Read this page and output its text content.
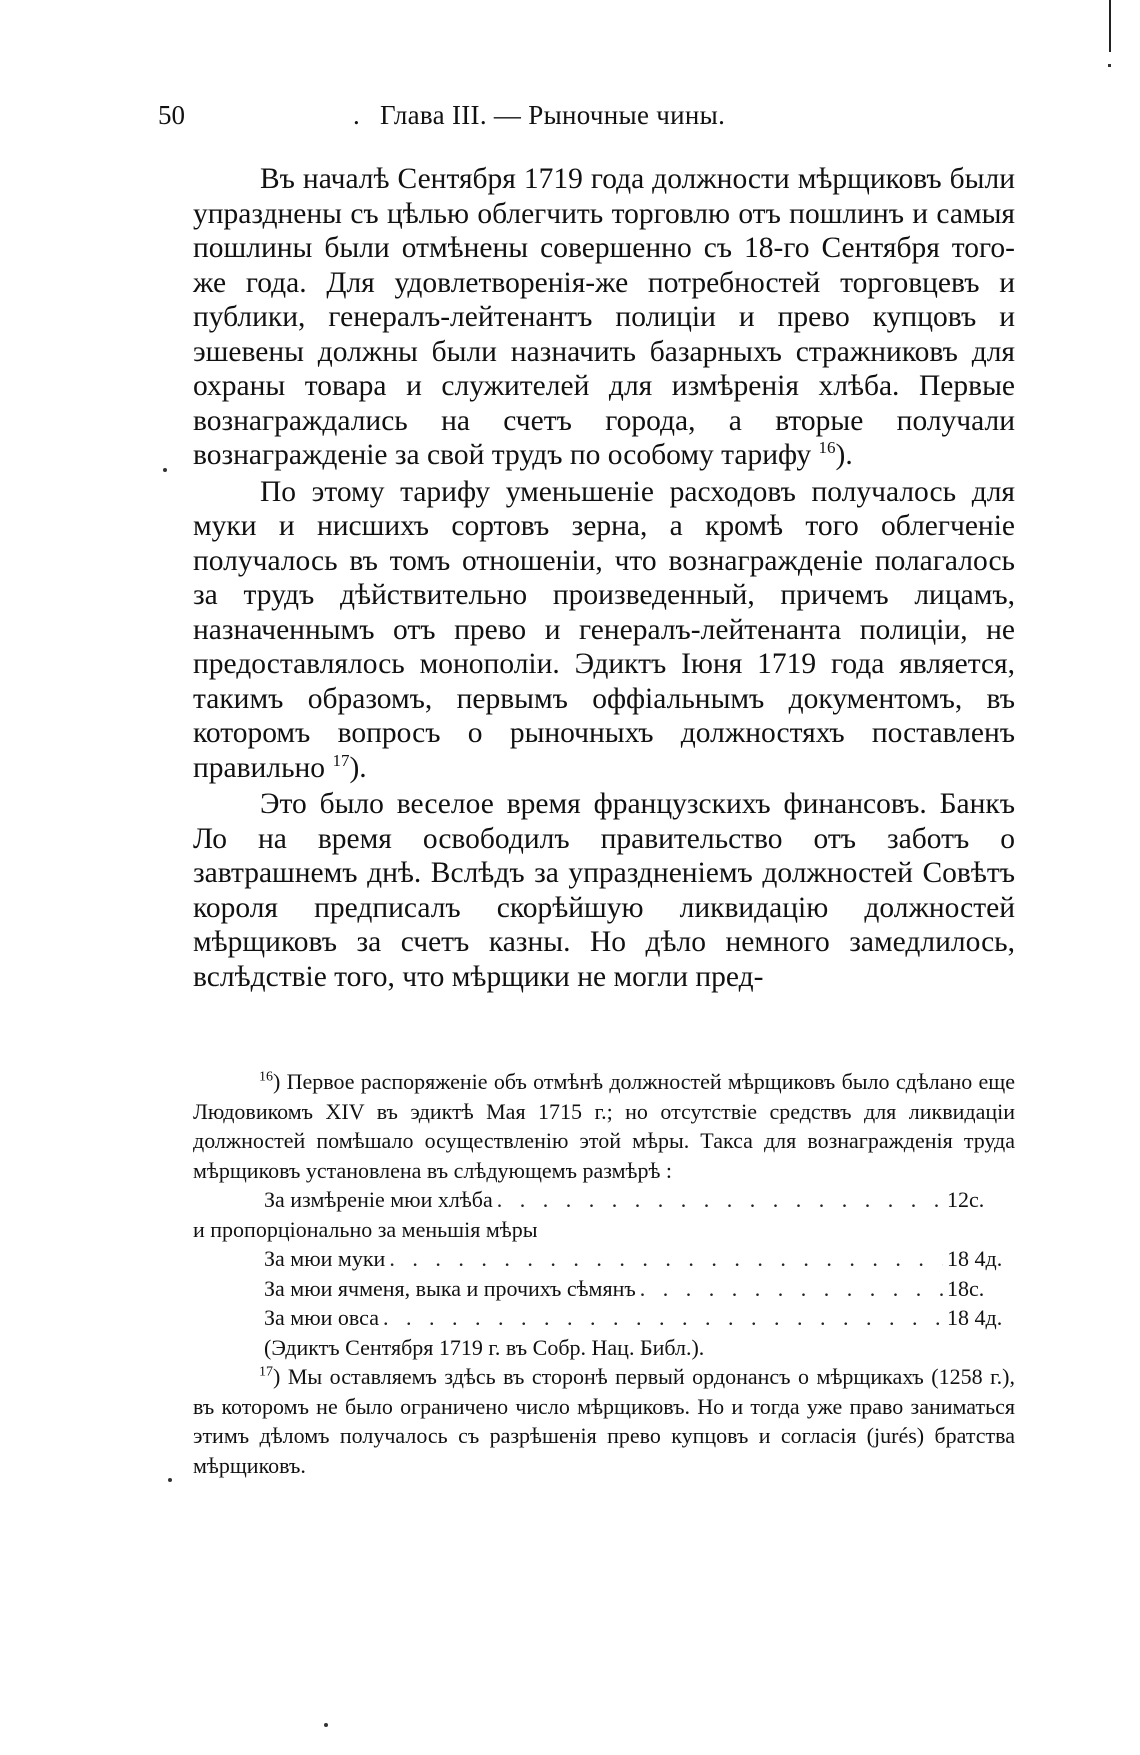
50	. Глава III. — Рыночные чины.

Въ началѣ Сентября 1719 года должности мѣрщиковъ были упразднены съ цѣлью облегчить торговлю отъ пошлинъ и самыя пошлины были отмѣнены совершенно съ 18-го Сентября того-же года. Для удовлетворенія-же потребностей торговцевъ и публики, генералъ-лейтенантъ полиціи и прево купцовъ и эшевены должны были назначить базарныхъ стражниковъ для охраны товара и служителей для измѣренія хлѣба. Первые вознаграждались на счетъ города, а вторые получали вознагражденіе за свой трудъ по особому тарифу $^{16}$).

По этому тарифу уменьшеніе расходовъ получалось для муки и нисшихъ сортовъ зерна, а кромѣ того облегченіе получалось въ томъ отношеніи, что вознагражденіе полагалось за трудъ дѣйствительно произведенный, причемъ лицамъ, назначеннымъ отъ прево и генералъ-лейтенанта полиціи, не предоставлялось монополіи. Эдиктъ Іюня 1719 года является, такимъ образомъ, первымъ оффіальнымъ документомъ, въ которомъ вопросъ о рыночныхъ должностяхъ поставленъ правильно $^{17}$).

Это было веселое время французскихъ финансовъ. Банкъ Ло на время освободилъ правительство отъ заботъ о завтрашнемъ днѣ. Вслѣдъ за упраздненіемъ должностей Совѣтъ короля предписалъ скорѣйшую ликвидацію должностей мѣрщиковъ за счетъ казны. Но дѣло немного замедлилось, вслѣдствіе того, что мѣрщики не могли пред-

$^{16}$) Первое распоряженіе объ отмѣнѣ должностей мѣрщиковъ было сдѣлано еще Людовикомъ XIV въ эдиктѣ Мая 1715 г.; но отсутствіе средствъ для ликвидаціи должностей помѣшало осуществленію этой мѣры. Такса для вознагражденія труда мѣрщиковъ установлена въ слѣдующемъ размѣрѣ :
За измѣреніе мюи хлѣба . . .	12с.
и пропорціонально за меньшія мѣры
За мюи муки . . .	18 4д.
За мюи ячменя, выка и прочихъ сѣмянъ . . .	18с.
За мюи овса . . .	18 4д.
(Эдиктъ Сентября 1719 г. въ Собр. Нац. Библ.).
$^{17}$) Мы оставляемъ здѣсь въ сторонѣ первый ордонансъ о мѣрщикахъ (1258 г.), въ которомъ не было ограничено число мѣрщиковъ. Но и тогда уже право заниматься этимъ дѣломъ получалось съ разрѣшенія прево купцовъ и согласія (jurés) братства мѣрщиковъ.
